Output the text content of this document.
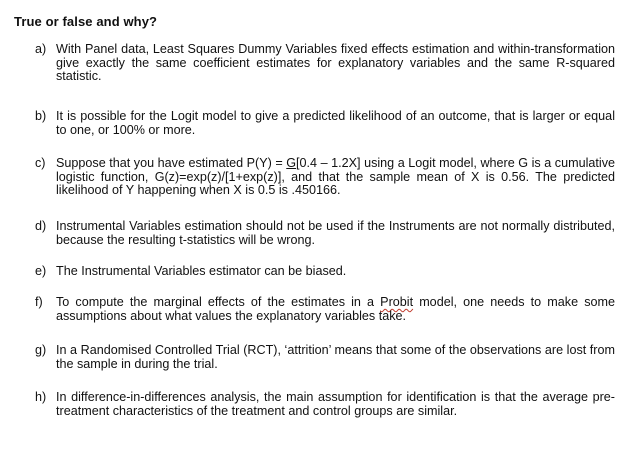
True or false and why?
a) With Panel data, Least Squares Dummy Variables fixed effects estimation and within-transformation give exactly the same coefficient estimates for explanatory variables and the same R-squared statistic.
b) It is possible for the Logit model to give a predicted likelihood of an outcome, that is larger or equal to one, or 100% or more.
c) Suppose that you have estimated P(Y) = G[0.4 – 1.2X] using a Logit model, where G is a cumulative logistic function, G(z)=exp(z)/[1+exp(z)], and that the sample mean of X is 0.56. The predicted likelihood of Y happening when X is 0.5 is .450166.
d) Instrumental Variables estimation should not be used if the Instruments are not normally distributed, because the resulting t-statistics will be wrong.
e) The Instrumental Variables estimator can be biased.
f)	To compute the marginal effects of the estimates in a Probit model, one needs to make some assumptions about what values the explanatory variables take.
g) In a Randomised Controlled Trial (RCT), ‘attrition’ means that some of the observations are lost from the sample in during the trial.
h) In difference-in-differences analysis, the main assumption for identification is that the average pre-treatment characteristics of the treatment and control groups are similar.
